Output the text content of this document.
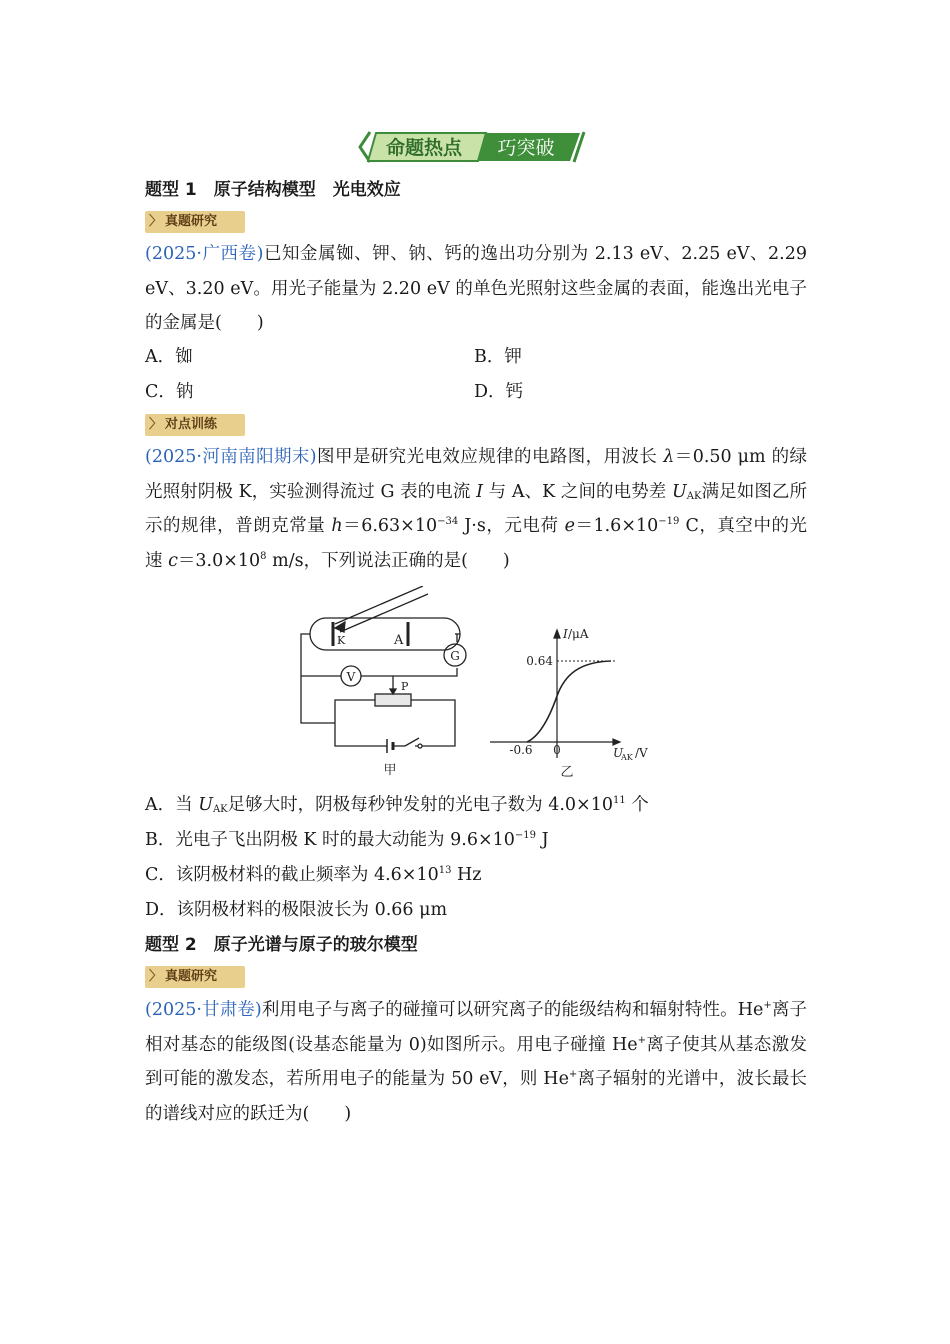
命题热点 巧突破
题型 1　原子结构模型　光电效应
〉 真题研究
(2025·广西卷)已知金属铷、钾、钠、钙的逸出功分别为 2.13 eV、2.25 eV、2.29 eV、3.20 eV。用光子能量为 2.20 eV 的单色光照射这些金属的表面，能逸出光电子的金属是(　　)
A．铷	B．钾
C．钠	D．钙
〉 对点训练
(2025·河南南阳期末)图甲是研究光电效应规律的电路图，用波长 λ＝0.50 μm 的绿光照射阴极 K，实验测得流过 G 表的电流 I 与 A、K 之间的电势差 $U_{AK}$满足如图乙所示的规律，普朗克常量 $h=6.63\times 10^{-34}$ J·s，元电荷 $e=1.6\times 10^{-19}$ C，真空中的光速 $c=3.0\times 10^8$ m/s，下列说法正确的是(　　)
K	A
G
V
P
甲
I /μA
0.64
-0.6 0	U
AK /V
乙
A．当 $U_{AK}$足够大时，阴极每秒钟发射的光电子数为 $4.0\times 10^{11}$ 个
B．光电子飞出阴极 K 时的最大动能为 $9.6\times 10^{-19}$ J
C．该阴极材料的截止频率为 $4.6\times 10^{13}$ Hz
D．该阴极材料的极限波长为 0.66 μm
题型 2　原子光谱与原子的玻尔模型
〉 真题研究
(2025·甘肃卷)利用电子与离子的碰撞可以研究离子的能级结构和辐射特性。He+离子相对基态的能级图(设基态能量为 0)如图所示。用电子碰撞 He+离子使其从基态激发到可能的激发态，若所用电子的能量为 50 eV，则 He+离子辐射的光谱中，波长最长的谱线对应的跃迁为(　　)
